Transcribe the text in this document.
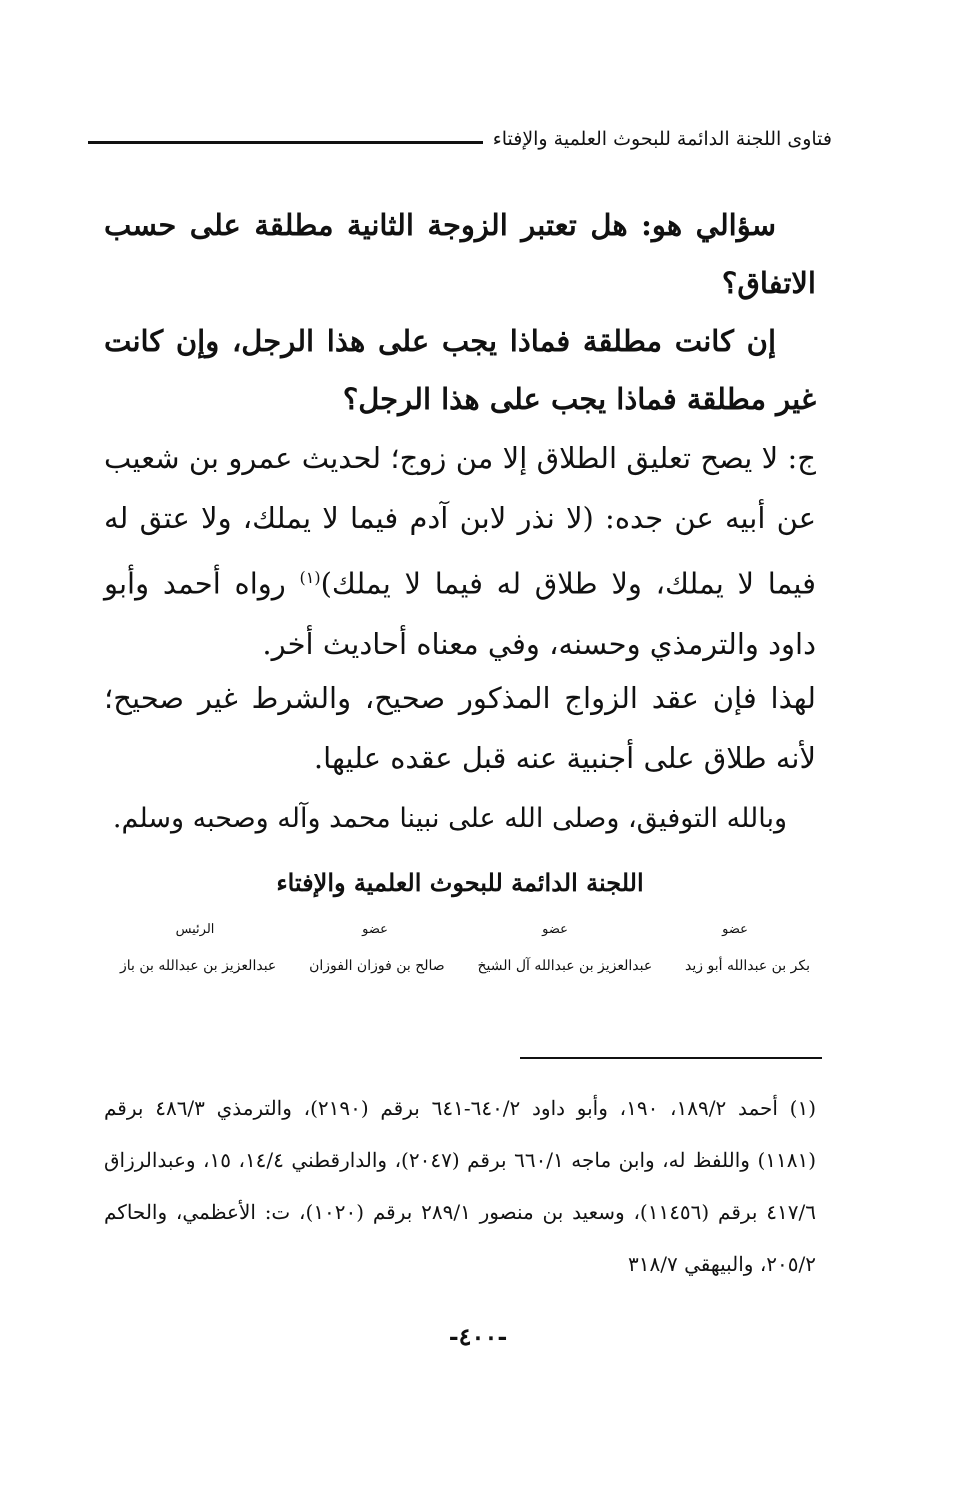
فتاوى اللجنة الدائمة للبحوث العلمية والإفتاء
سؤالي هو: هل تعتبر الزوجة الثانية مطلقة على حسب الاتفاق؟
إن كانت مطلقة فماذا يجب على هذا الرجل، وإن كانت غير مطلقة فماذا يجب على هذا الرجل؟
ج: لا يصح تعليق الطلاق إلا من زوج؛ لحديث عمرو بن شعيب عن أبيه عن جده: (لا نذر لابن آدم فيما لا يملك، ولا عتق له فيما لا يملك، ولا طلاق له فيما لا يملك)$^{(١)}$ رواه أحمد وأبو داود والترمذي وحسنه، وفي معناه أحاديث أخر.
لهذا فإن عقد الزواج المذكور صحيح، والشرط غير صحيح؛ لأنه طلاق على أجنبية عنه قبل عقده عليها.
وبالله التوفيق، وصلى الله على نبينا محمد وآله وصحبه وسلم.
اللجنة الدائمة للبحوث العلمية والإفتاء
عضو
عضو
عضو
الرئيس
بكر بن عبدالله أبو زيد
عبدالعزيز بن عبدالله آل الشيخ
صالح بن فوزان الفوزان
عبدالعزيز بن عبدالله بن باز
(١) أحمد ١٨٩/٢، ١٩٠، وأبو داود ٦٤٠/٢-٦٤١ برقم (٢١٩٠)، والترمذي ٤٨٦/٣ برقم (١١٨١) واللفظ له، وابن ماجه ٦٦٠/١ برقم (٢٠٤٧)، والدارقطني ١٤/٤، ١٥، وعبدالرزاق ٤١٧/٦ برقم (١١٤٥٦)، وسعيد بن منصور ٢٨٩/١ برقم (١٠٢٠)، ت: الأعظمي، والحاكم ٢٠٥/٢، والبيهقي ٣١٨/٧
-٤٠٠-
